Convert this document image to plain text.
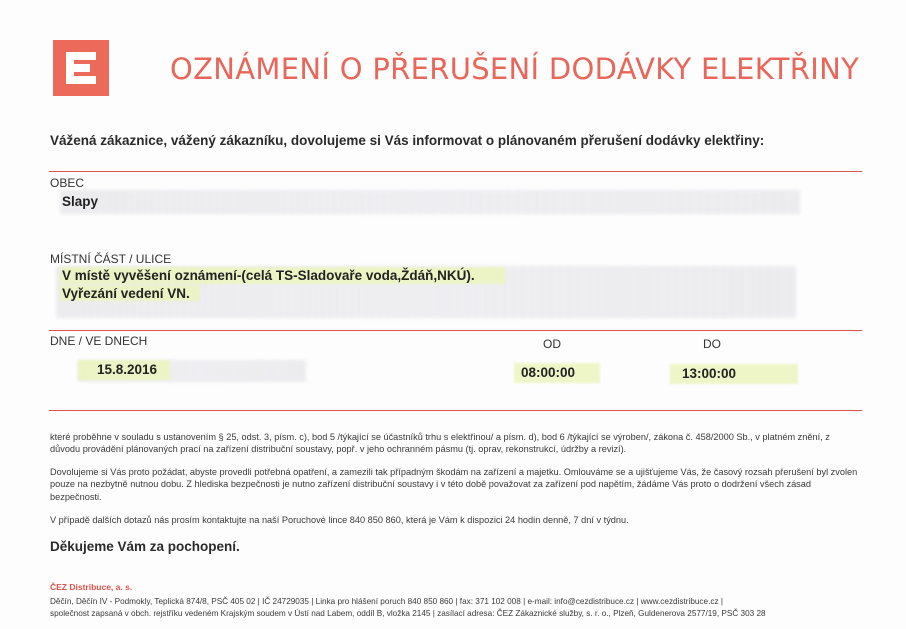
OZNÁMENÍ O PŘERUŠENÍ DODÁVKY ELEKTŘINY
Vážená zákaznice, vážený zákazníku, dovolujeme si Vás informovat o plánovaném přerušení dodávky elektřiny:
OBEC
Slapy
MÍSTNÍ ČÁST / ULICE
V místě vyvěšení oznámení-(celá TS-Sladovaře voda,Ždáň,NKÚ).
Vyřezání vedení VN.
DNE / VE DNECH	OD	DO
15.8.2016	08:00:00	13:00:00
které proběhne v souladu s ustanovením § 25, odst. 3, písm. c), bod 5 /týkající se účastníků trhu s elektřinou/ a písm. d), bod 6 /týkající se výroben/, zákona č. 458/2000 Sb., v platném znění, z důvodu provádění plánovaných prací na zařízení distribuční soustavy, popř. v jeho ochranném pásmu (tj. oprav, rekonstrukcí, údržby a revizí).
Dovolujeme si Vás proto požádat, abyste provedli potřebná opatření, a zamezili tak případným škodám na zařízení a majetku. Omlouváme se a ujišťujeme Vás, že časový rozsah přerušení byl zvolen pouze na nezbytně nutnou dobu. Z hlediska bezpečnosti je nutno zařízení distribuční soustavy i v této době považovat za zařízení pod napětím, žádáme Vás proto o dodržení všech zásad bezpečnosti.
V případě dalších dotazů nás prosím kontaktujte na naší Poruchové lince 840 850 860, která je Vám k dispozici 24 hodin denně, 7 dní v týdnu.
Děkujeme Vám za pochopení.
ČEZ Distribuce, a. s.
Děčín, Děčín IV - Podmokly, Teplická 874/8, PSČ 405 02 | IČ 24729035 | Linka pro hlášení poruch 840 850 860 | fax: 371 102 008 | e-mail: info@cezdistribuce.cz | www.cezdistribuce.cz |
společnost zapsaná v obch. rejstříku vedeném Krajským soudem v Ústí nad Labem, oddíl B, vložka 2145 | zasílací adresa: ČEZ Zákaznické služby, s. r. o., Plzeň, Guldenerova 2577/19, PSČ 303 28
